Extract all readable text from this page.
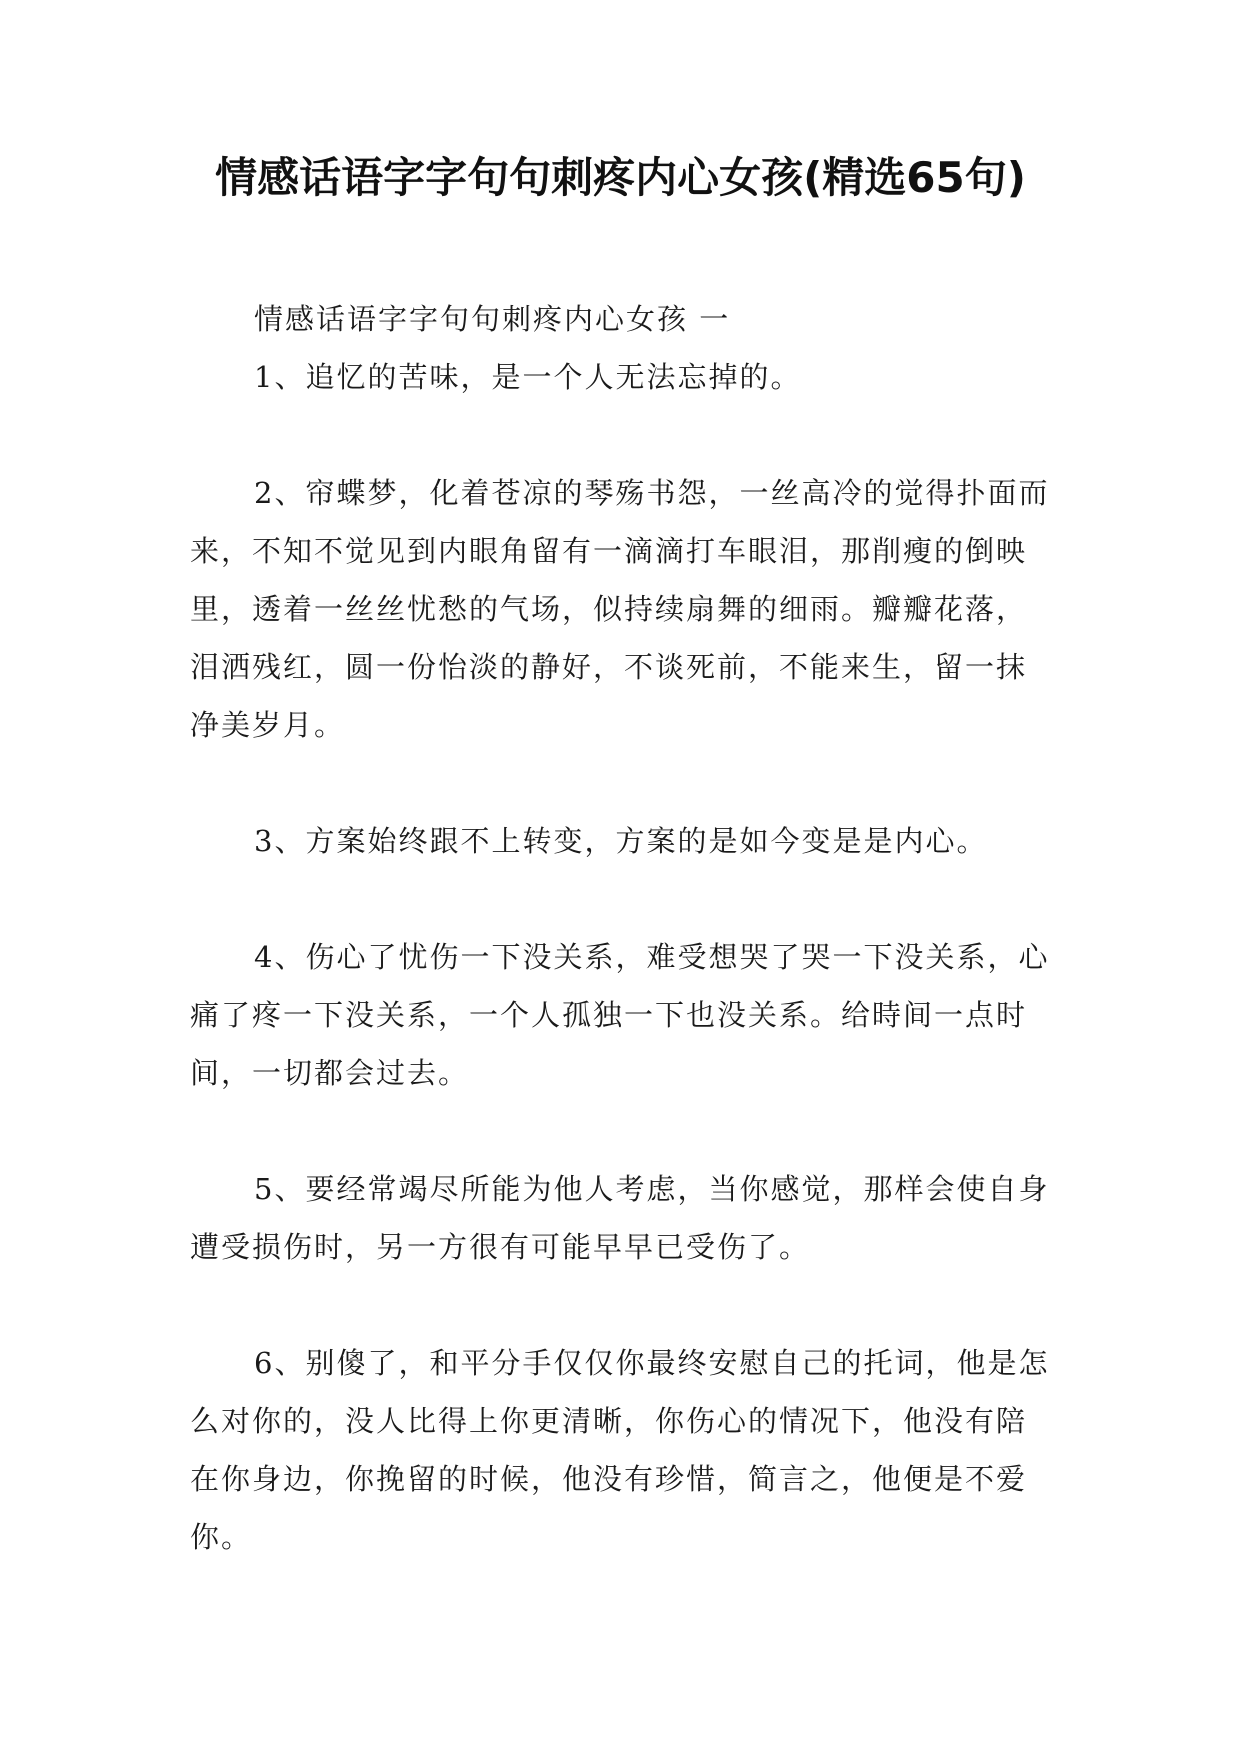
情感话语字字句句刺疼内心女孩(精选65句)

情感话语字字句句刺疼内心女孩 一

1、追忆的苦味，是一个人无法忘掉的。

2、帘蝶梦，化着苍凉的琴殇书怨，一丝高冷的觉得扑面而来，不知不觉见到内眼角留有一滴滴打车眼泪，那削瘦的倒映里，透着一丝丝忧愁的气场，似持续扇舞的细雨。瓣瓣花落，泪洒残红，圆一份怡淡的静好，不谈死前，不能来生，留一抹净美岁月。

3、方案始终跟不上转变，方案的是如今变是是内心。

4、伤心了忧伤一下没关系，难受想哭了哭一下没关系，心痛了疼一下没关系，一个人孤独一下也没关系。给時间一点时间，一切都会过去。

5、要经常竭尽所能为他人考虑，当你感觉，那样会使自身遭受损伤时，另一方很有可能早早已受伤了。

6、别傻了，和平分手仅仅你最终安慰自己的托词，他是怎么对你的，没人比得上你更清晰，你伤心的情况下，他没有陪在你身边，你挽留的时候，他没有珍惜，简言之，他便是不爱你。
